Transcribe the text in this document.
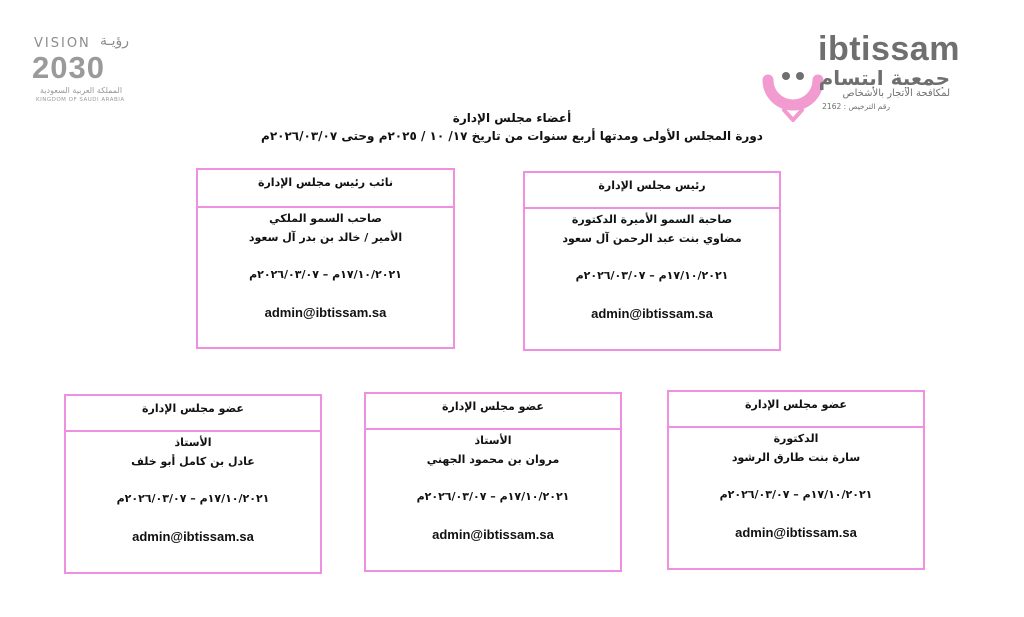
VISION رؤيـة
2030
المملكة العربية السعودية
KINGDOM OF SAUDI ARABIA
ibtissam
جمعية ابتسام
لمكافحة الاتجار بالأشخاص
رقم الترخيص : 2162
أعضاء مجلس الإدارة
دورة المجلس الأولى ومدتها أربع سنوات من تاريخ ١٧/ ١٠ / ٢٠٢٥م وحتى ٢٠٢٦/٠٣/٠٧م
رئيس مجلس الإدارة
صاحبة السمو الأميرة الدكتورة
مضاوي بنت عبد الرحمن آل سعود
١٧/١٠/٢٠٢١م – ٢٠٢٦/٠٣/٠٧م
admin@ibtissam.sa
نائب رئيس مجلس الإدارة
صاحب السمو الملكي
الأمير / خالد بن بدر آل سعود
١٧/١٠/٢٠٢١م – ٢٠٢٦/٠٣/٠٧م
admin@ibtissam.sa
عضو مجلس الإدارة
الدكتورة
سارة بنت طارق الرشود
١٧/١٠/٢٠٢١م – ٢٠٢٦/٠٣/٠٧م
admin@ibtissam.sa
عضو مجلس الإدارة
الأستاذ
مروان بن محمود الجهني
١٧/١٠/٢٠٢١م – ٢٠٢٦/٠٣/٠٧م
admin@ibtissam.sa
عضو مجلس الإدارة
الأستاذ
عادل بن كامل أبو خلف
١٧/١٠/٢٠٢١م – ٢٠٢٦/٠٣/٠٧م
admin@ibtissam.sa
